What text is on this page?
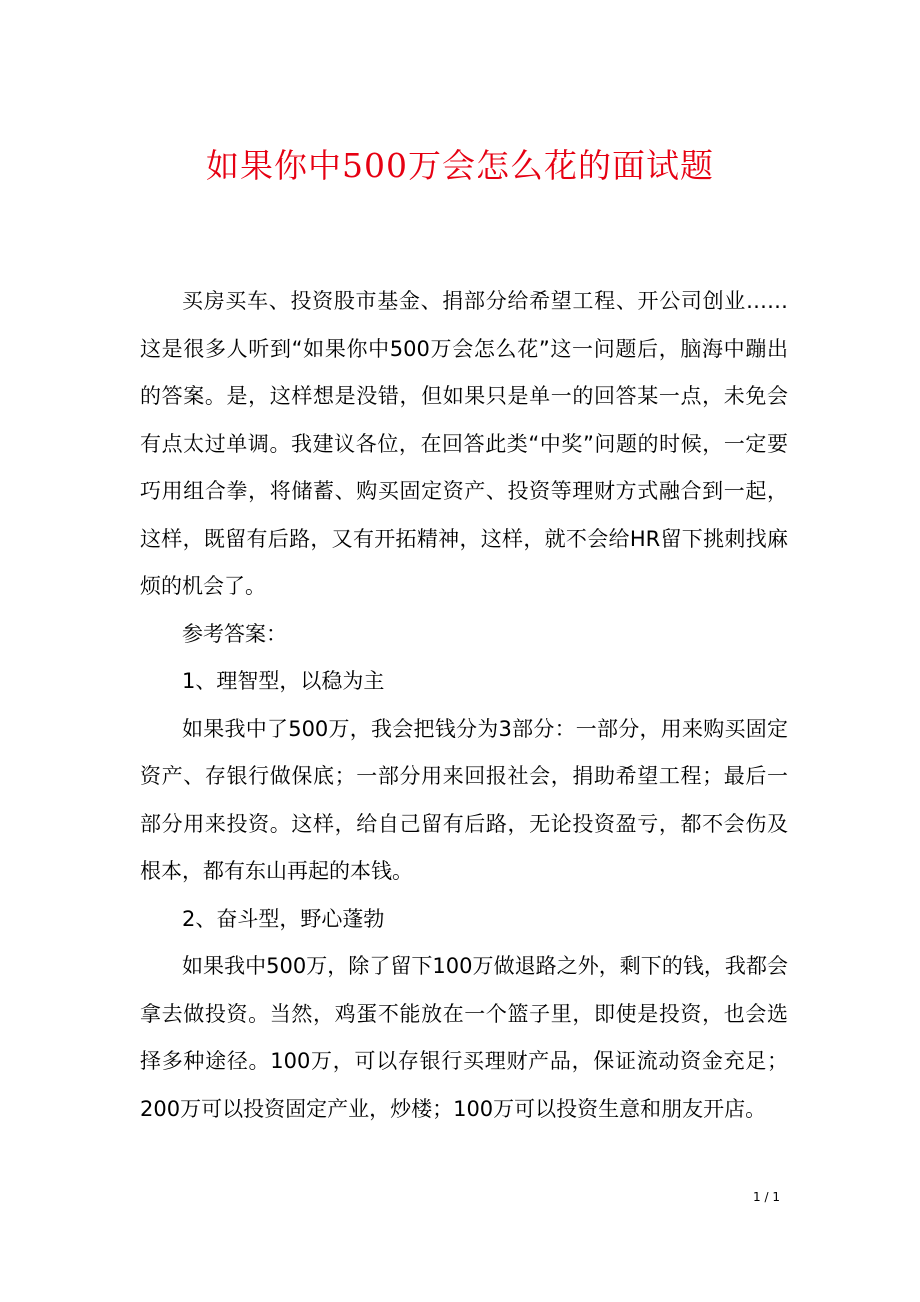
如果你中500万会怎么花的面试题

买房买车、投资股市基金、捐部分给希望工程、开公司创业……这是很多人听到“如果你中500万会怎么花”这一问题后，脑海中蹦出的答案。是，这样想是没错，但如果只是单一的回答某一点，未免会有点太过单调。我建议各位，在回答此类“中奖”问题的时候，一定要巧用组合拳，将储蓄、购买固定资产、投资等理财方式融合到一起，这样，既留有后路，又有开拓精神，这样，就不会给HR留下挑刺找麻烦的机会了。

参考答案：

1、理智型，以稳为主

如果我中了500万，我会把钱分为3部分：一部分，用来购买固定资产、存银行做保底；一部分用来回报社会，捐助希望工程；最后一部分用来投资。这样，给自己留有后路，无论投资盈亏，都不会伤及根本，都有东山再起的本钱。

2、奋斗型，野心蓬勃

如果我中500万，除了留下100万做退路之外，剩下的钱，我都会拿去做投资。当然，鸡蛋不能放在一个篮子里，即使是投资，也会选择多种途径。100万，可以存银行买理财产品，保证流动资金充足；200万可以投资固定产业，炒楼；100万可以投资生意和朋友开店。

1 / 1
